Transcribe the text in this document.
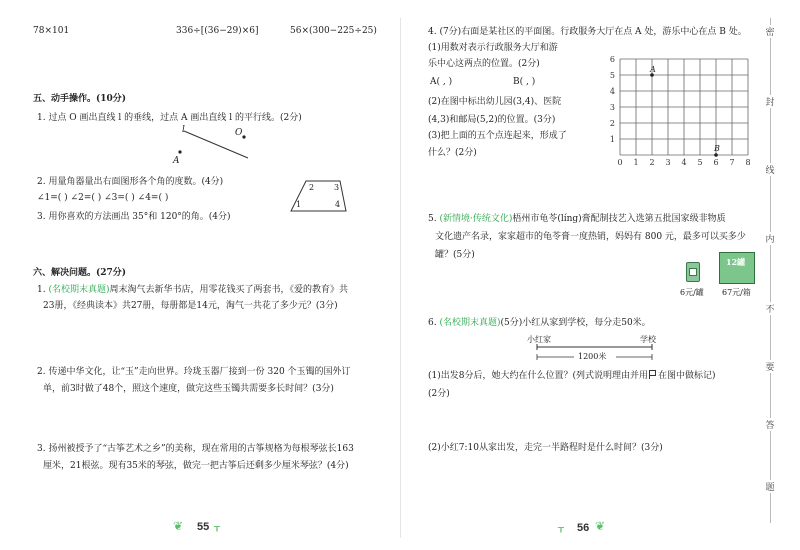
78×101	336÷[(36−29)×6]	56×(300−225÷25)
五、动手操作。(10分)
1. 过点 O 画出直线 l 的垂线，过点 A 画出直线 l 的平行线。(2分)
l	O
A
2. 用量角器量出右面图形各个角的度数。(4分)
∠1=( ) ∠2=( ) ∠3=( ) ∠4=( )
2 3
1	4
3. 用你喜欢的方法画出 35°和 120°的角。(4分)
六、解决问题。(27分)
1. (名校期末真题)周末淘气去新华书店，用零花钱买了两套书，《爱的教育》共
23册，《经典读本》共27册，每册都是14元，淘气一共花了多少元？(3分)
2. 传递中华文化，让“玉”走向世界。玲珑玉器厂接到一份 320 个玉镯的国外订
单，前3时做了48个，照这个速度，做完这些玉镯共需要多长时间？(3分)
3. 扬州被授予了“古筝艺术之乡”的美称，现在常用的古筝规格为每根琴弦长163
厘米，21根弦。现有35米的琴弦，做完一把古筝后还剩多少厘米琴弦？(4分)
❦ 55 ᚁ
4. (7分)右面是某社区的平面图。行政服务大厅在点 A 处，游乐中心在点 B 处。
(1)用数对表示行政服务大厅和游
乐中心这两点的位置。(2分)
A( , )	B( , )
(2)在图中标出幼儿园(3,4)、医院
(4,3)和邮局(5,2)的位置。(3分)
(3)把上面的五个点连起来，形成了
什么？(2分)
0 1 2 3 4 5 6 7 8
1
2
3
4
5
6
A
B
5. (新情境·传统文化)梧州市龟苓(líng)膏配制技艺入选第五批国家级非物质
文化遗产名录，家家超市的龟苓膏一度热销，妈妈有 800 元，最多可以买多少
罐？(5分)
12罐
6元/罐 67元/箱
6. (名校期末真题)(5分)小红从家到学校，每分走50米。
小红家	学校
1200米
(1)出发8分后，她大约在什么位置？(列式说明理由并用 在图中做标记)
(2分)
(2)小红7:10从家出发，走完一半路程时是什么时间？(3分)
ᚁ 56 ❦
密
封
线
内
不
要
答
题
